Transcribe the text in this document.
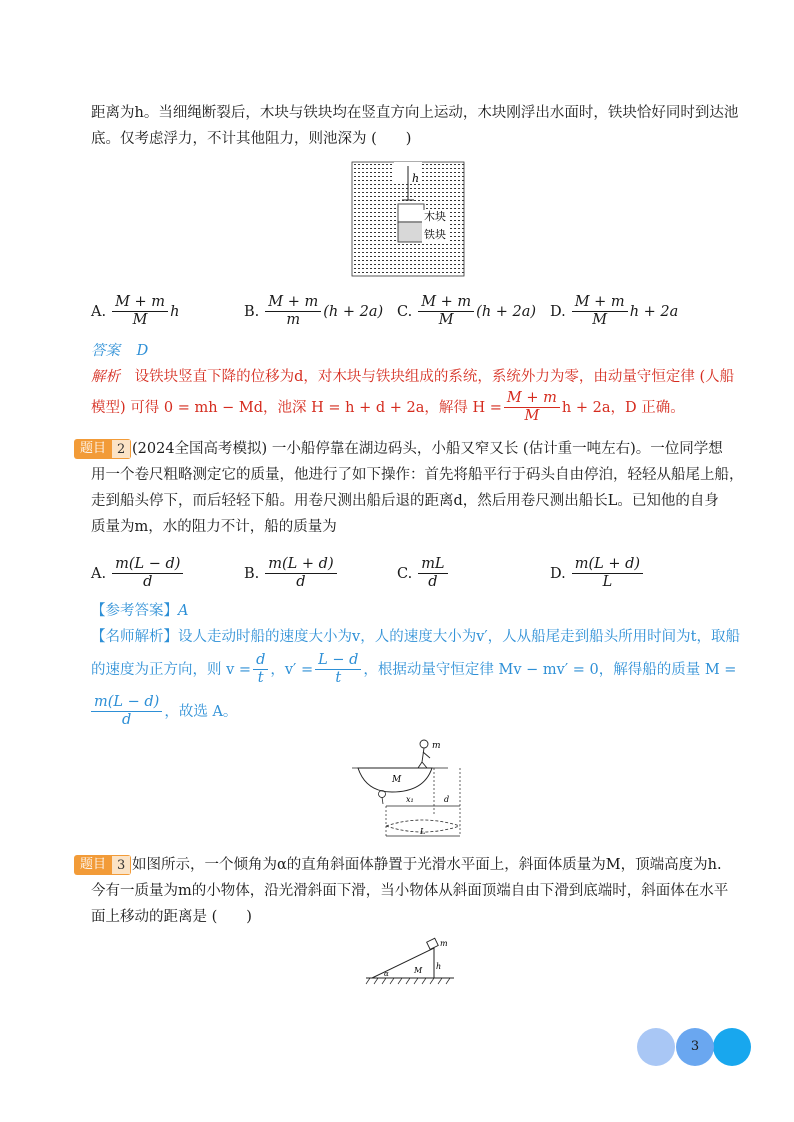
距离为h。当细绳断裂后，木块与铁块均在竖直方向上运动，木块刚浮出水面时，铁块恰好同时到达池
底。仅考虑浮力，不计其他阻力，则池深为 (　　)
h
木块
铁块
A. $\frac{M + m}{M}$ h	B. $\frac{M + m}{m} (h + 2a)$ C. $\frac{M + m}{M} (h + 2a)$ D. $\frac{M + m}{M}$ h + 2a
答案 D
解析 设铁块竖直下降的位移为d，对木块与铁块组成的系统，系统外力为零，由动量守恒定律 (人船
模型) 可得 0 = mh − Md，池深 H = h + d + 2a，解得 $H = \frac{M + m}{M}$ h + 2a，D 正确。
题目 2 (2024全国高考模拟) 一小船停靠在湖边码头，小船又窄又长 (估计重一吨左右)。一位同学想
用一个卷尺粗略测定它的质量，他进行了如下操作：首先将船平行于码头自由停泊，轻轻从船尾上船，
走到船头停下，而后轻轻下船。用卷尺测出船后退的距离d，然后用卷尺测出船长L。已知他的自身
质量为m，水的阻力不计，船的质量为
A. $\frac{m(L - d)}{d}$	B. $\frac{m(L + d)}{d}$	C. $\frac{mL}{d}$	D. $\frac{m(L + d)}{L}$
【参考答案】A
【名师解析】设人走动时船的速度大小为v，人的速度大小为v′，人从船尾走到船头所用时间为t，取船
的速度为正方向，则 $v = \frac{d}{t}$ ，$v' = \frac{L - d}{t}$ ，根据动量守恒定律 Mv − mv′ = 0，解得船的质量 M =
$\frac{m(L - d)}{d}$ ，故选 A。
m
M
x₁	d
L
题目 3 如图所示，一个倾角为α的直角斜面体静置于光滑水平面上，斜面体质量为M，顶端高度为h.
今有一质量为m的小物体，沿光滑斜面下滑，当小物体从斜面顶端自由下滑到底端时，斜面体在水平
面上移动的距离是 (　　)
m
M h
α
3
